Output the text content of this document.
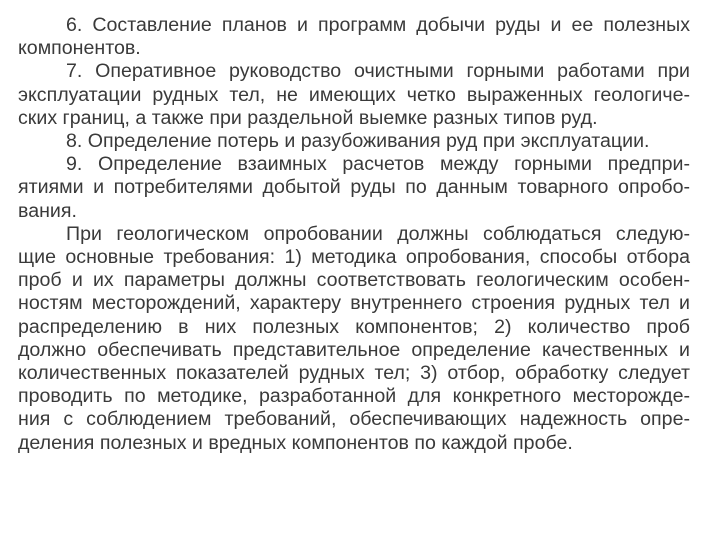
6. Составление планов и программ добычи руды и ее полезных
компонентов.
7. Оперативное руководство очистными горными работами при
эксплуатации рудных тел, не имеющих четко выраженных геологиче-
ских границ, а также при раздельной выемке разных типов руд.
8. Определение потерь и разубоживания руд при эксплуатации.
9. Определение взаимных расчетов между горными предпри-
ятиями и потребителями добытой руды по данным товарного опробо-
вания.
При геологическом опробовании должны соблюдаться следую-
щие основные требования: 1) методика опробования, способы отбора
проб и их параметры должны соответствовать геологическим особен-
ностям месторождений, характеру внутреннего строения рудных тел и
распределению в них полезных компонентов; 2) количество проб
должно обеспечивать представительное определение качественных и
количественных показателей рудных тел; 3) отбор, обработку следует
проводить по методике, разработанной для конкретного месторожде-
ния с соблюдением требований, обеспечивающих надежность опре-
деления полезных и вредных компонентов по каждой пробе.
